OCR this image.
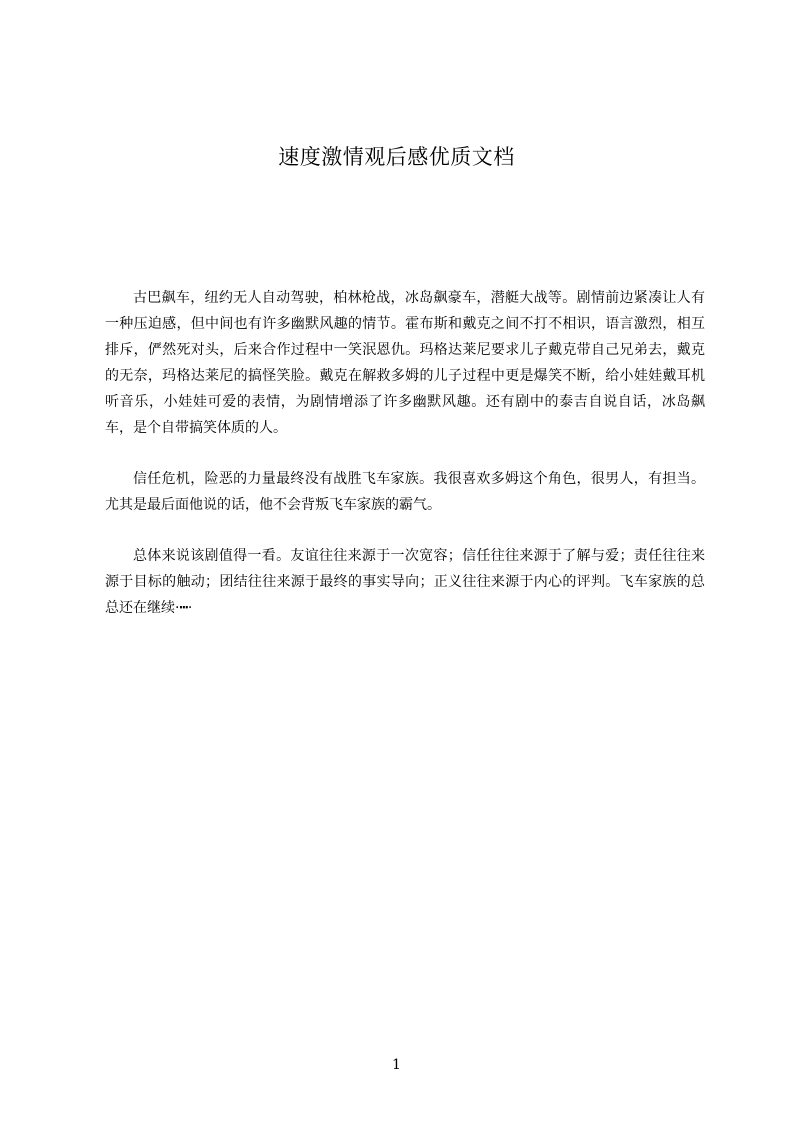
速度激情观后感优质文档

古巴飙车，纽约无人自动驾驶，柏林枪战，冰岛飙豪车，潜艇大战等。剧情前边紧凑让人有一种压迫感，但中间也有许多幽默风趣的情节。霍布斯和戴克之间不打不相识，语言激烈，相互排斥，俨然死对头，后来合作过程中一笑泯恩仇。玛格达莱尼要求儿子戴克带自己兄弟去，戴克的无奈，玛格达莱尼的搞怪笑脸。戴克在解救多姆的儿子过程中更是爆笑不断，给小娃娃戴耳机听音乐，小娃娃可爱的表情，为剧情增添了许多幽默风趣。还有剧中的泰吉自说自话，冰岛飙车，是个自带搞笑体质的人。

信任危机，险恶的力量最终没有战胜飞车家族。我很喜欢多姆这个角色，很男人，有担当。尤其是最后面他说的话，他不会背叛飞车家族的霸气。

总体来说该剧值得一看。友谊往往来源于一次宽容；信任往往来源于了解与爱；责任往往来源于目标的触动；团结往往来源于最终的事实导向；正义往往来源于内心的评判。飞车家族的总总还在继续·┅·

1
